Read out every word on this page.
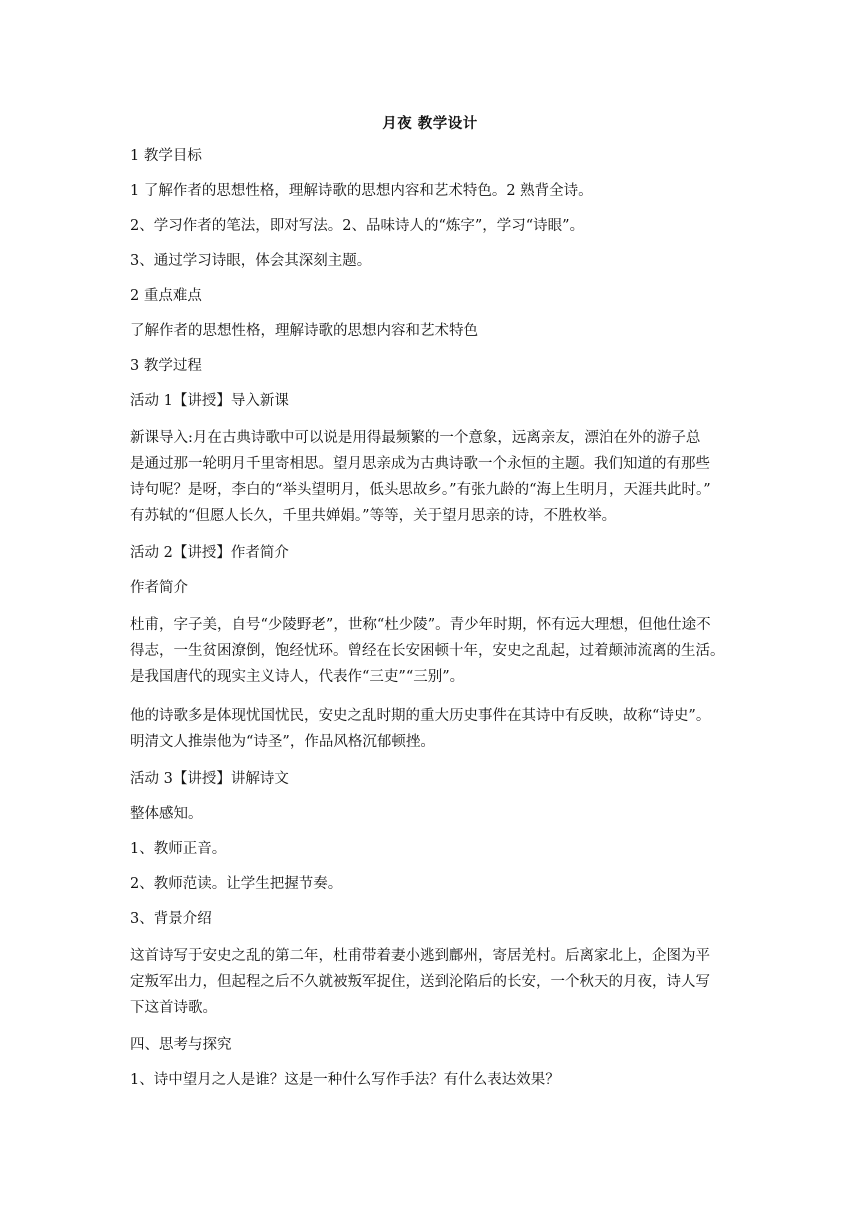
月夜 教学设计
1 教学目标
1 了解作者的思想性格，理解诗歌的思想内容和艺术特色。2 熟背全诗。
2、学习作者的笔法，即对写法。2、品味诗人的“炼字”，学习“诗眼”。
3、通过学习诗眼，体会其深刻主题。
2 重点难点
了解作者的思想性格，理解诗歌的思想内容和艺术特色
3 教学过程
活动 1【讲授】导入新课
新课导入:月在古典诗歌中可以说是用得最频繁的一个意象，远离亲友，漂泊在外的游子总
是通过那一轮明月千里寄相思。望月思亲成为古典诗歌一个永恒的主题。我们知道的有那些
诗句呢？是呀，李白的“举头望明月，低头思故乡。”有张九龄的“海上生明月，天涯共此时。”
有苏轼的“但愿人长久，千里共婵娟。”等等，关于望月思亲的诗，不胜枚举。
活动 2【讲授】作者简介
作者简介
杜甫，字子美，自号“少陵野老”，世称“杜少陵”。青少年时期，怀有远大理想，但他仕途不
得志，一生贫困潦倒，饱经忧环。曾经在长安困顿十年，安史之乱起，过着颠沛流离的生活。
是我国唐代的现实主义诗人，代表作“三吏”“三别”。
他的诗歌多是体现忧国忧民，安史之乱时期的重大历史事件在其诗中有反映，故称“诗史”。
明清文人推崇他为“诗圣”，作品风格沉郁顿挫。
活动 3【讲授】讲解诗文
整体感知。
1、教师正音。
2、教师范读。让学生把握节奏。
3、背景介绍
这首诗写于安史之乱的第二年，杜甫带着妻小逃到鄜州，寄居羌村。后离家北上，企图为平
定叛军出力，但起程之后不久就被叛军捉住，送到沦陷后的长安，一个秋天的月夜，诗人写
下这首诗歌。
四、思考与探究
1、诗中望月之人是谁？这是一种什么写作手法？有什么表达效果？
